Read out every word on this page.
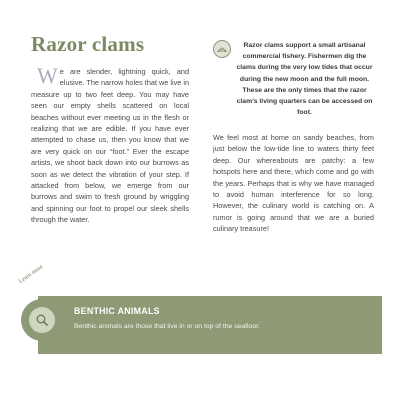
Razor clams

We are slender, lightning quick, and elusive. The narrow holes that we live in measure up to two feet deep. You may have seen our empty shells scattered on local beaches without ever meeting us in the flesh or realizing that we are edible. If you have ever attempted to chase us, then you know that we are very quick on our “foot.” Ever the escape artists, we shoot back down into our burrows as soon as we detect the vibration of your step. If attacked from below, we emerge from our burrows and swim to fresh ground by wriggling and spinning our foot to propel our sleek shells through the water.

Razor clams support a small artisanal commercial fishery. Fishermen dig the clams during the very low tides that occur during the new moon and the full moon. These are the only times that the razor clam’s living quarters can be accessed on foot.

We feel most at home on sandy beaches, from just below the low-tide line to waters thirty feet deep. Our whereabouts are patchy: a few hotspots here and there, which come and go with the years. Perhaps that is why we have managed to avoid human interference for so long. However, the culinary world is catching on. A rumor is going around that we are a buried culinary treasure!

BENTHIC ANIMALS
Benthic animals are those that live in or on top of the seafloor.
Learn more
